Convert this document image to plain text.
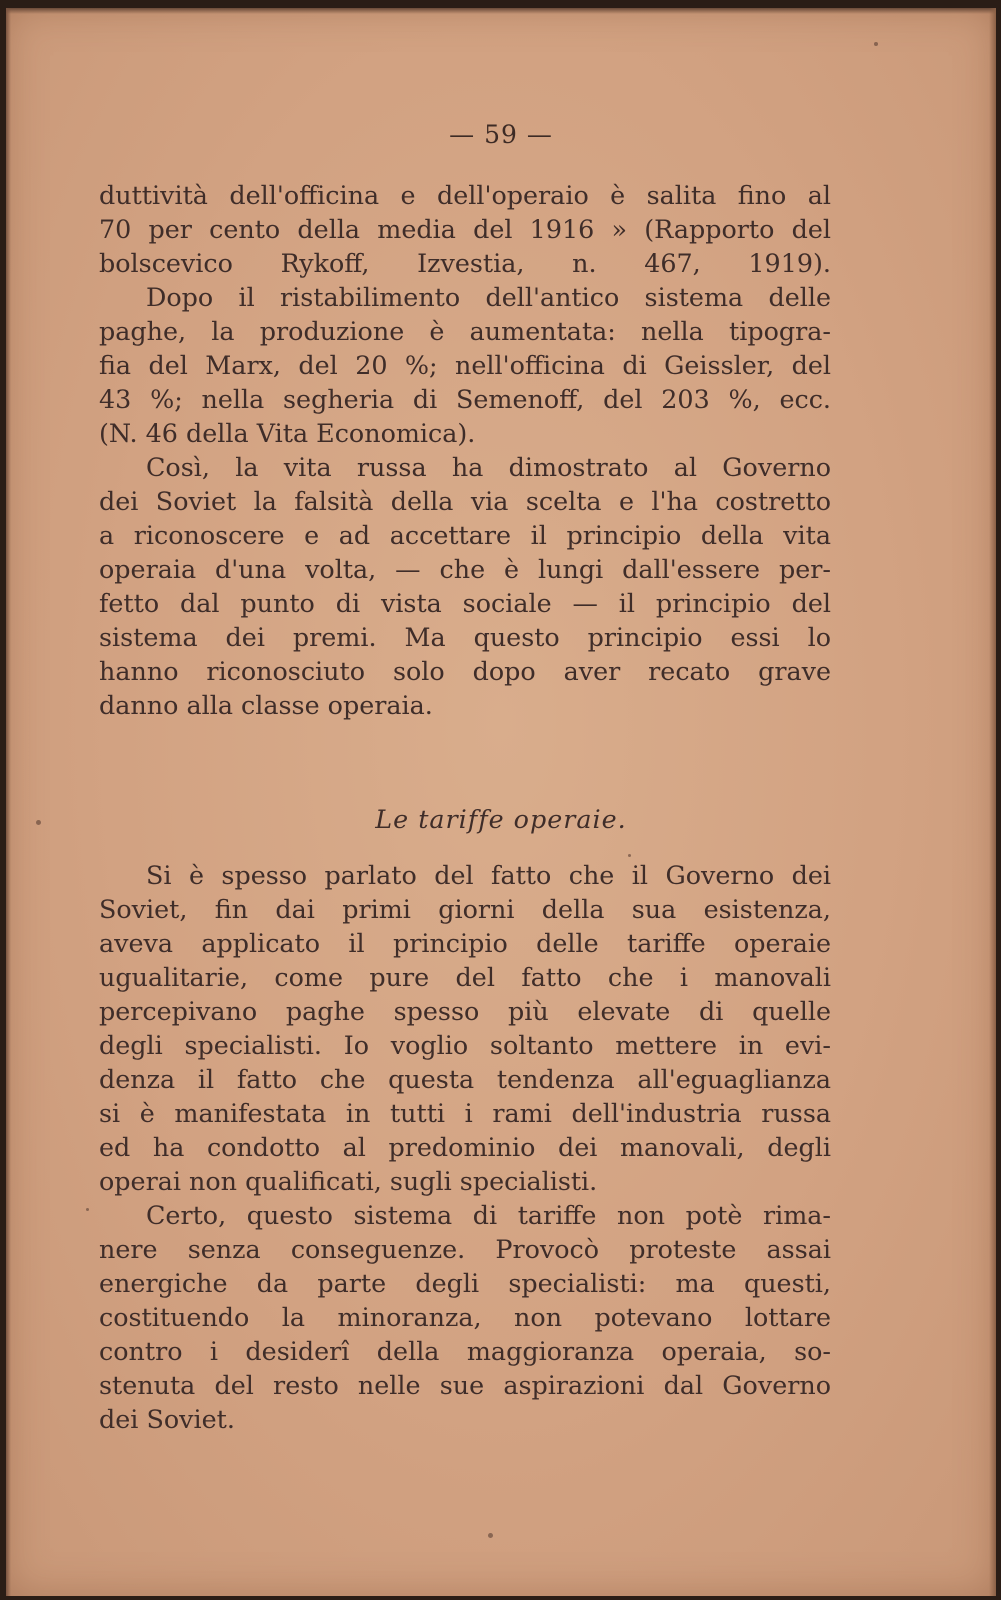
— 59 —
duttività dell'officina e dell'operaio è salita fino al
70 per cento della media del 1916 » (Rapporto del
bolscevico Rykoff, Izvestia, n. 467, 1919).
Dopo il ristabilimento dell'antico sistema delle
paghe, la produzione è aumentata: nella tipogra-
fia del Marx, del 20 %; nell'officina di Geissler, del
43 %; nella segheria di Semenoff, del 203 %, ecc.
(N. 46 della Vita Economica).
Così, la vita russa ha dimostrato al Governo
dei Soviet la falsità della via scelta e l'ha costretto
a riconoscere e ad accettare il principio della vita
operaia d'una volta, — che è lungi dall'essere per-
fetto dal punto di vista sociale — il principio del
sistema dei premi. Ma questo principio essi lo
hanno riconosciuto solo dopo aver recato grave
danno alla classe operaia.
Le tariffe operaie.
Si è spesso parlato del fatto che il Governo dei
Soviet, fin dai primi giorni della sua esistenza,
aveva applicato il principio delle tariffe operaie
ugualitarie, come pure del fatto che i manovali
percepivano paghe spesso più elevate di quelle
degli specialisti. Io voglio soltanto mettere in evi-
denza il fatto che questa tendenza all'eguaglianza
si è manifestata in tutti i rami dell'industria russa
ed ha condotto al predominio dei manovali, degli
operai non qualificati, sugli specialisti.
Certo, questo sistema di tariffe non potè rima-
nere senza conseguenze. Provocò proteste assai
energiche da parte degli specialisti: ma questi,
costituendo la minoranza, non potevano lottare
contro i desiderî della maggioranza operaia, so-
stenuta del resto nelle sue aspirazioni dal Governo
dei Soviet.
